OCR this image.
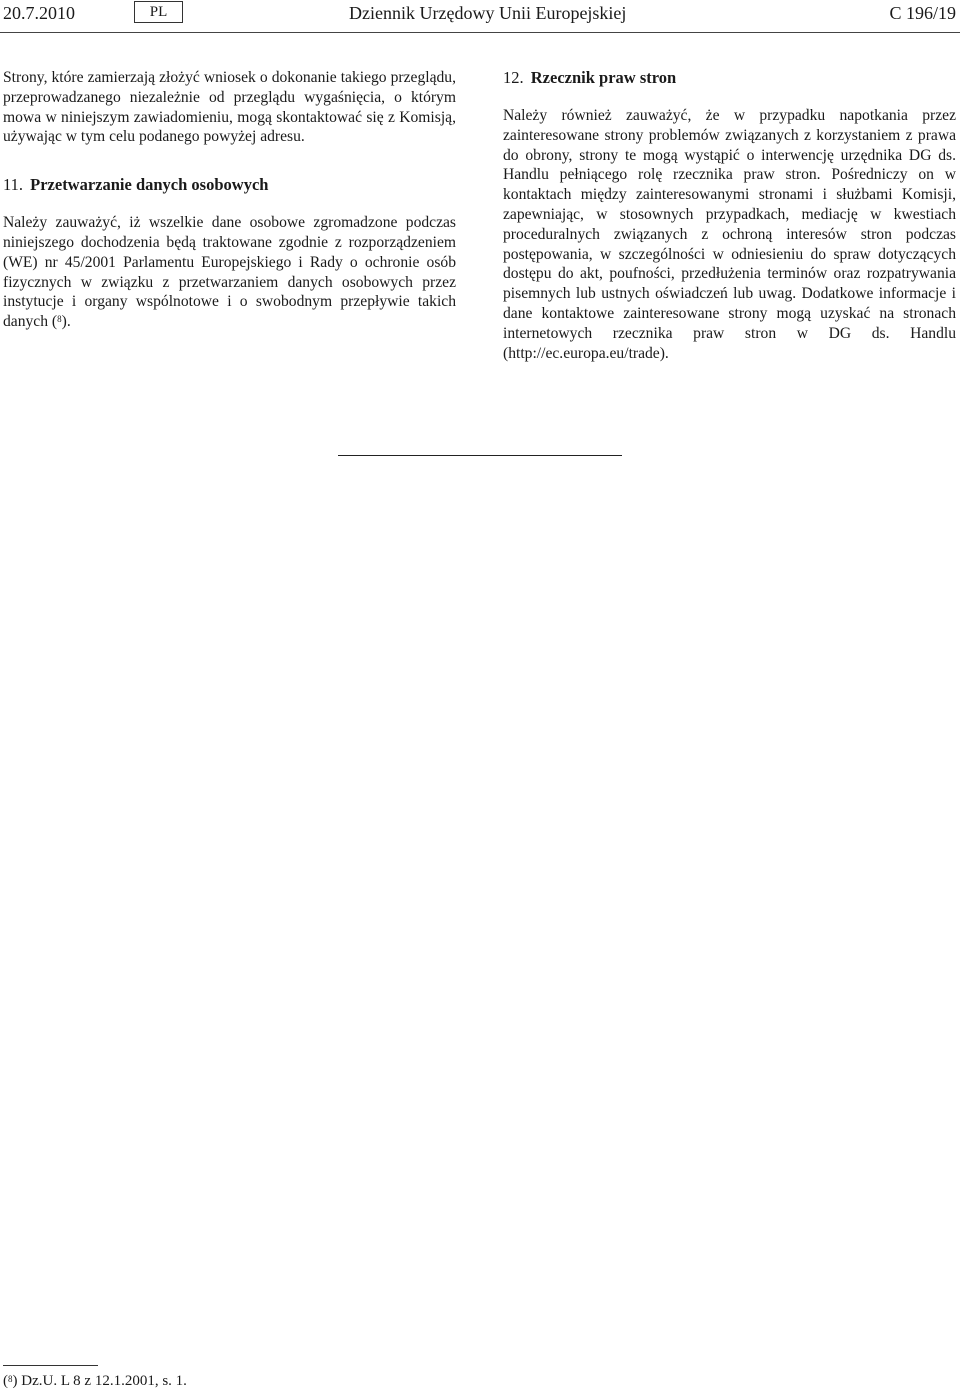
20.7.2010	PL	Dziennik Urzędowy Unii Europejskiej	C 196/19

Strony, które zamierzają złożyć wniosek o dokonanie takiego przeglądu, przeprowadzanego niezależnie od przeglądu wygaśnięcia, o którym mowa w niniejszym zawiadomieniu, mogą skontaktować się z Komisją, używając w tym celu podanego powyżej adresu.

11. Przetwarzanie danych osobowych

Należy zauważyć, iż wszelkie dane osobowe zgromadzone podczas niniejszego dochodzenia będą traktowane zgodnie z rozporządzeniem (WE) nr 45/2001 Parlamentu Europejskiego i Rady o ochronie osób fizycznych w związku z przetwarzaniem danych osobowych przez instytucje i organy wspólnotowe i o swobodnym przepływie takich danych ($^8$).

12. Rzecznik praw stron

Należy również zauważyć, że w przypadku napotkania przez zainteresowane strony problemów związanych z korzystaniem z prawa do obrony, strony te mogą wystąpić o interwencję urzędnika DG ds. Handlu pełniącego rolę rzecznika praw stron. Pośredniczy on w kontaktach między zainteresowanymi stronami i służbami Komisji, zapewniając, w stosownych przypadkach, mediację w kwestiach proceduralnych związanych z ochroną interesów stron podczas postępowania, w szczególności w odniesieniu do spraw dotyczących dostępu do akt, poufności, przedłużenia terminów oraz rozpatrywania pisemnych lub ustnych oświadczeń lub uwag. Dodatkowe informacje i dane kontaktowe zainteresowane strony mogą uzyskać na stronach internetowych rzecznika praw stron w DG ds. Handlu (http://ec.europa.eu/trade).

($^8$) Dz.U. L 8 z 12.1.2001, s. 1.
